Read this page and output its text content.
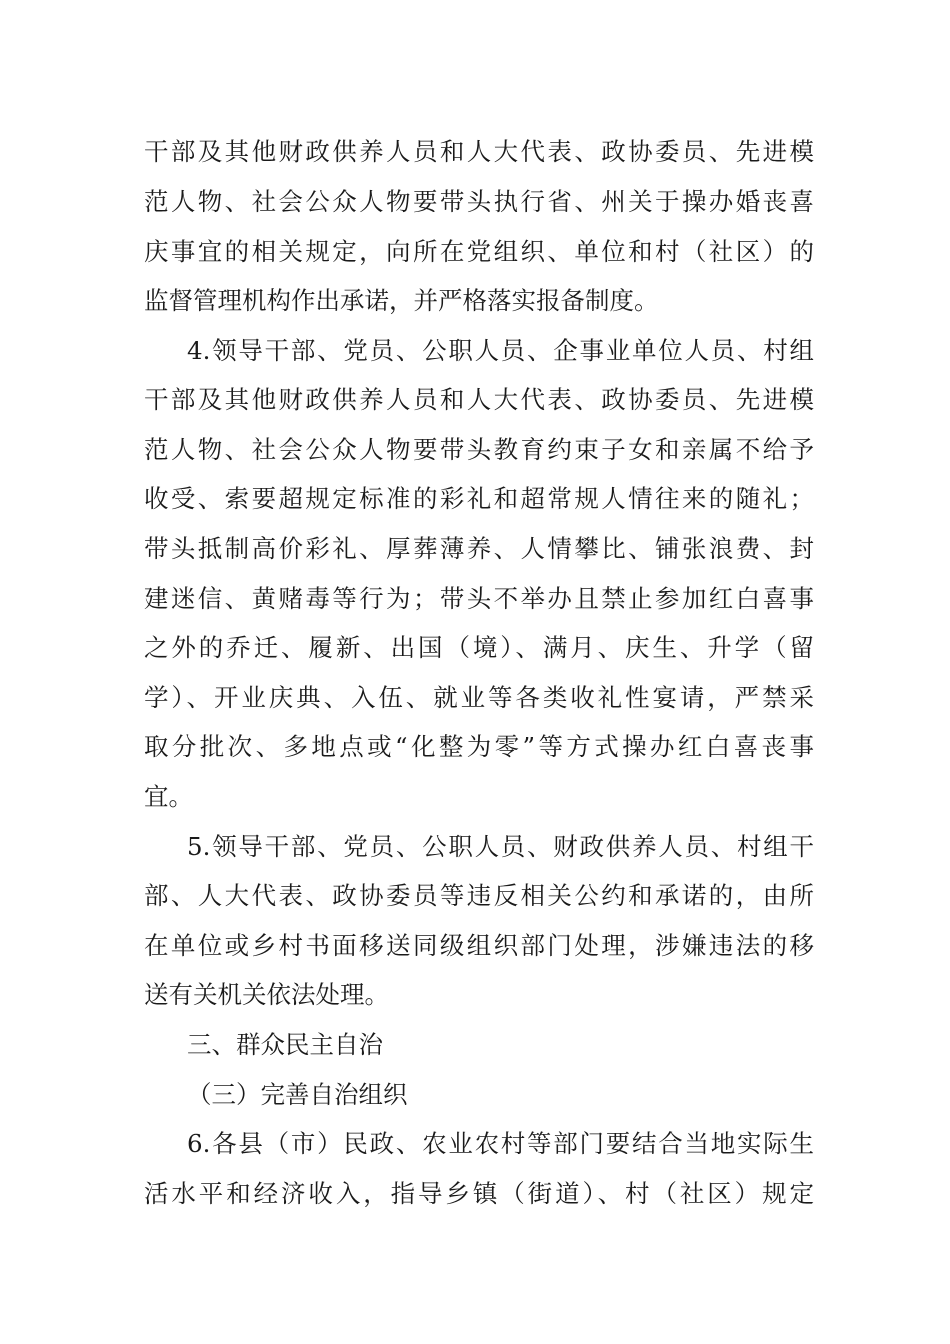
干部及其他财政供养人员和人大代表、政协委员、先进模
范人物、社会公众人物要带头执行省、州关于操办婚丧喜
庆事宜的相关规定，向所在党组织、单位和村（社区）的
监督管理机构作出承诺，并严格落实报备制度。
4.领导干部、党员、公职人员、企事业单位人员、村组
干部及其他财政供养人员和人大代表、政协委员、先进模
范人物、社会公众人物要带头教育约束子女和亲属不给予
收受、索要超规定标准的彩礼和超常规人情往来的随礼；
带头抵制高价彩礼、厚葬薄养、人情攀比、铺张浪费、封
建迷信、黄赌毒等行为；带头不举办且禁止参加红白喜事
之外的乔迁、履新、出国（境）、满月、庆生、升学（留
学）、开业庆典、入伍、就业等各类收礼性宴请，严禁采
取分批次、多地点或“化整为零”等方式操办红白喜丧事
宜。
5.领导干部、党员、公职人员、财政供养人员、村组干
部、人大代表、政协委员等违反相关公约和承诺的，由所
在单位或乡村书面移送同级组织部门处理，涉嫌违法的移
送有关机关依法处理。
三、群众民主自治
（三）完善自治组织
6.各县（市）民政、农业农村等部门要结合当地实际生
活水平和经济收入，指导乡镇（街道）、村（社区）规定
